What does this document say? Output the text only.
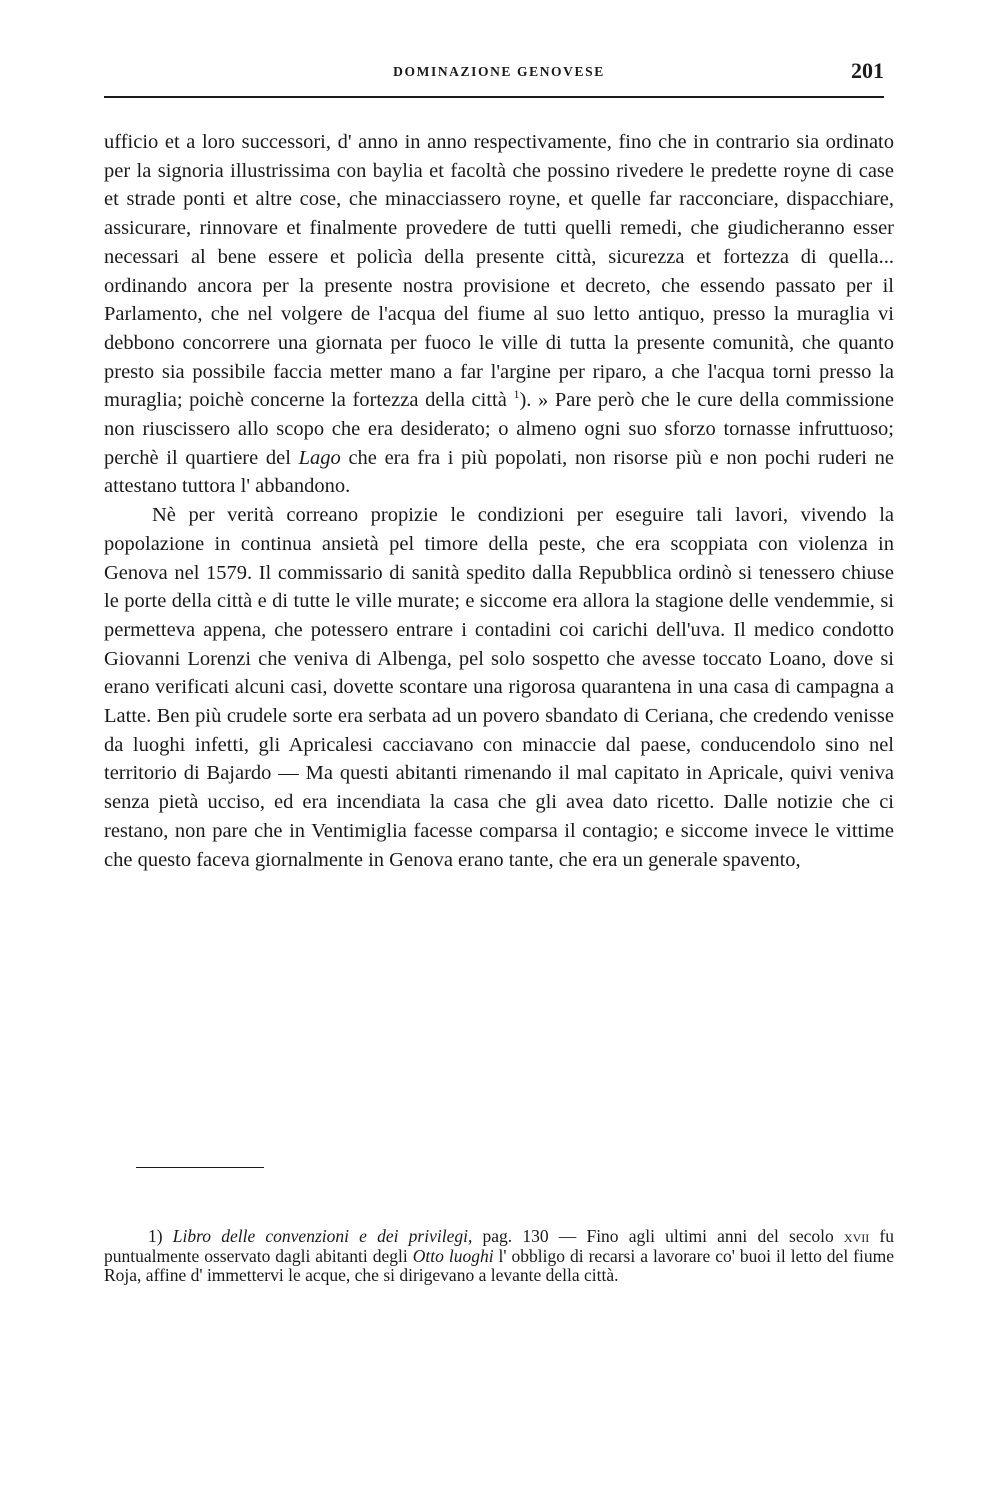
DOMINAZIONE GENOVESE	201

ufficio et a loro successori, d' anno in anno respectivamente, fino che in contrario sia ordinato per la signoria illustrissima con baylia et facoltà che possino rivedere le predette royne di case et strade ponti et altre cose, che minacciassero royne, et quelle far racconciare, dispacchiare, assicurare, rinnovare et finalmente provedere de tutti quelli remedi, che giudicheranno esser necessari al bene essere et policìa della presente città, sicurezza et fortezza di quella... ordinando ancora per la presente nostra provisione et decreto, che essendo passato per il Parlamento, che nel volgere de l'acqua del fiume al suo letto antiquo, presso la muraglia vi debbono concorrere una giornata per fuoco le ville di tutta la presente comunità, che quanto presto sia possibile faccia metter mano a far l'argine per riparo, a che l'acqua torni presso la muraglia; poichè concerne la fortezza della città $^1$). » Pare però che le cure della commissione non riuscissero allo scopo che era desiderato; o almeno ogni suo sforzo tornasse infruttuoso; perchè il quartiere del Lago che era fra i più popolati, non risorse più e non pochi ruderi ne attestano tuttora l' abbandono.

Nè per verità correano propizie le condizioni per eseguire tali lavori, vivendo la popolazione in continua ansietà pel timore della peste, che era scoppiata con violenza in Genova nel 1579. Il commissario di sanità spedito dalla Repubblica ordinò si tenessero chiuse le porte della città e di tutte le ville murate; e siccome era allora la stagione delle vendemmie, si permetteva appena, che potessero entrare i contadini coi carichi dell'uva. Il medico condotto Giovanni Lorenzi che veniva di Albenga, pel solo sospetto che avesse toccato Loano, dove si erano verificati alcuni casi, dovette scontare una rigorosa quarantena in una casa di campagna a Latte. Ben più crudele sorte era serbata ad un povero sbandato di Ceriana, che credendo venisse da luoghi infetti, gli Apricalesi cacciavano con minaccie dal paese, conducendolo sino nel territorio di Bajardo — Ma questi abitanti rimenando il mal capitato in Apricale, quivi veniva senza pietà ucciso, ed era incendiata la casa che gli avea dato ricetto. Dalle notizie che ci restano, non pare che in Ventimiglia facesse comparsa il contagio; e siccome invece le vittime che questo faceva giornalmente in Genova erano tante, che era un generale spavento,

1) Libro delle convenzioni e dei privilegi, pag. 130 — Fino agli ultimi anni del secolo xvii fu puntualmente osservato dagli abitanti degli Otto luoghi l' obbligo di recarsi a lavorare co' buoi il letto del fiume Roja, affine d' immettervi le acque, che si dirigevano a levante della città.
